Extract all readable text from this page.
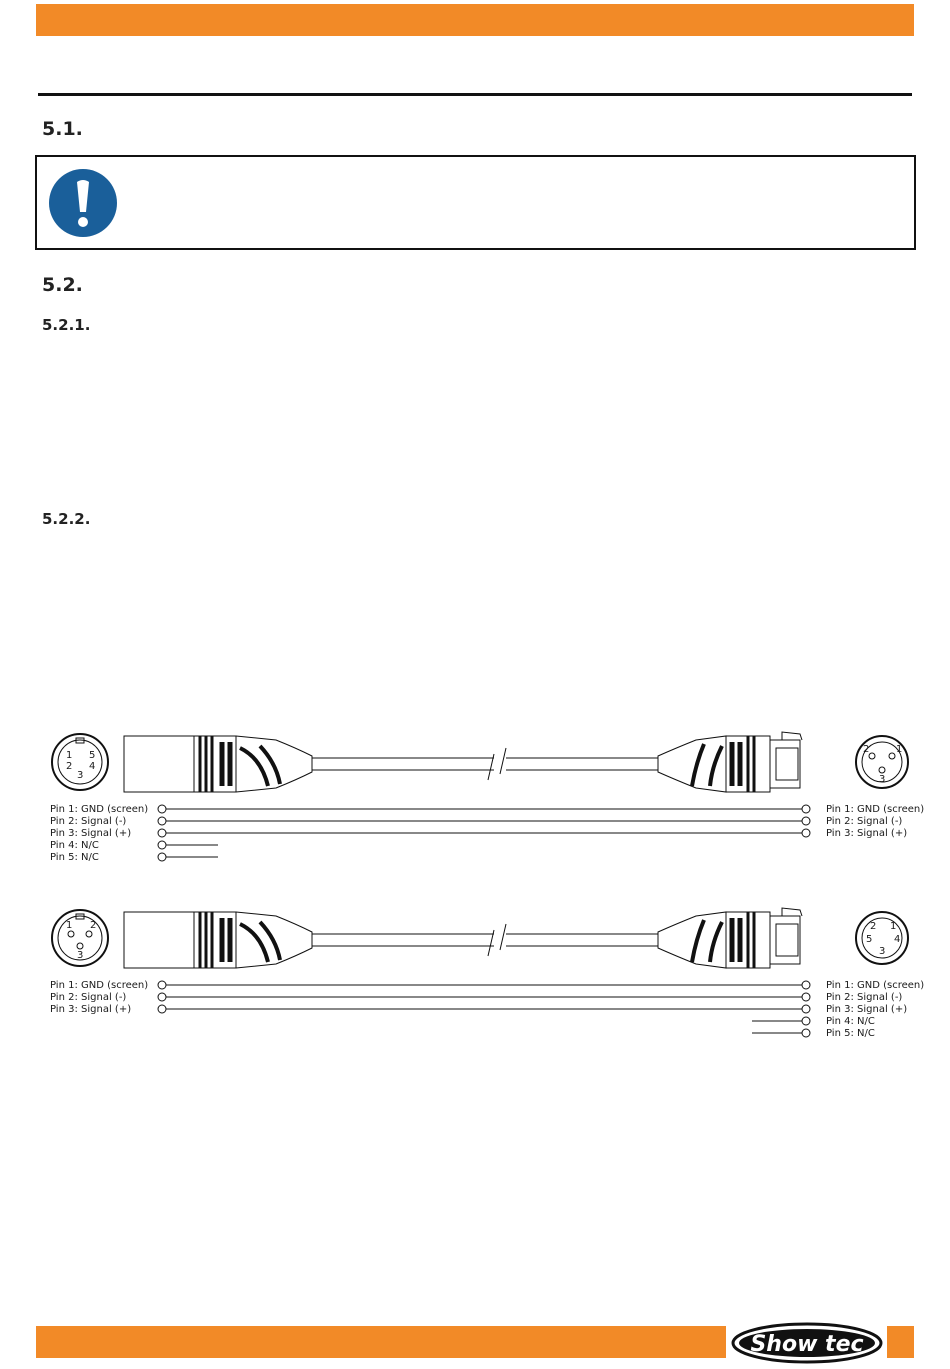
5.1.
5.2.
5.2.1.
5.2.2.
1 5
2 4
3
2	1
3
Pin 1: GND (screen)
Pin 2: Signal (-)
Pin 3: Signal (+)
Pin 4: N/C
Pin 5: N/C
Pin 1: GND (screen)
Pin 2: Signal (-)
Pin 3: Signal (+)
1 2
3
2 1
5 4
3
Pin 1: GND (screen)
Pin 2: Signal (-)
Pin 3: Signal (+)
Pin 1: GND (screen)
Pin 2: Signal (-)
Pin 3: Signal (+)
Pin 4: N/C
Pin 5: N/C
Show tec
